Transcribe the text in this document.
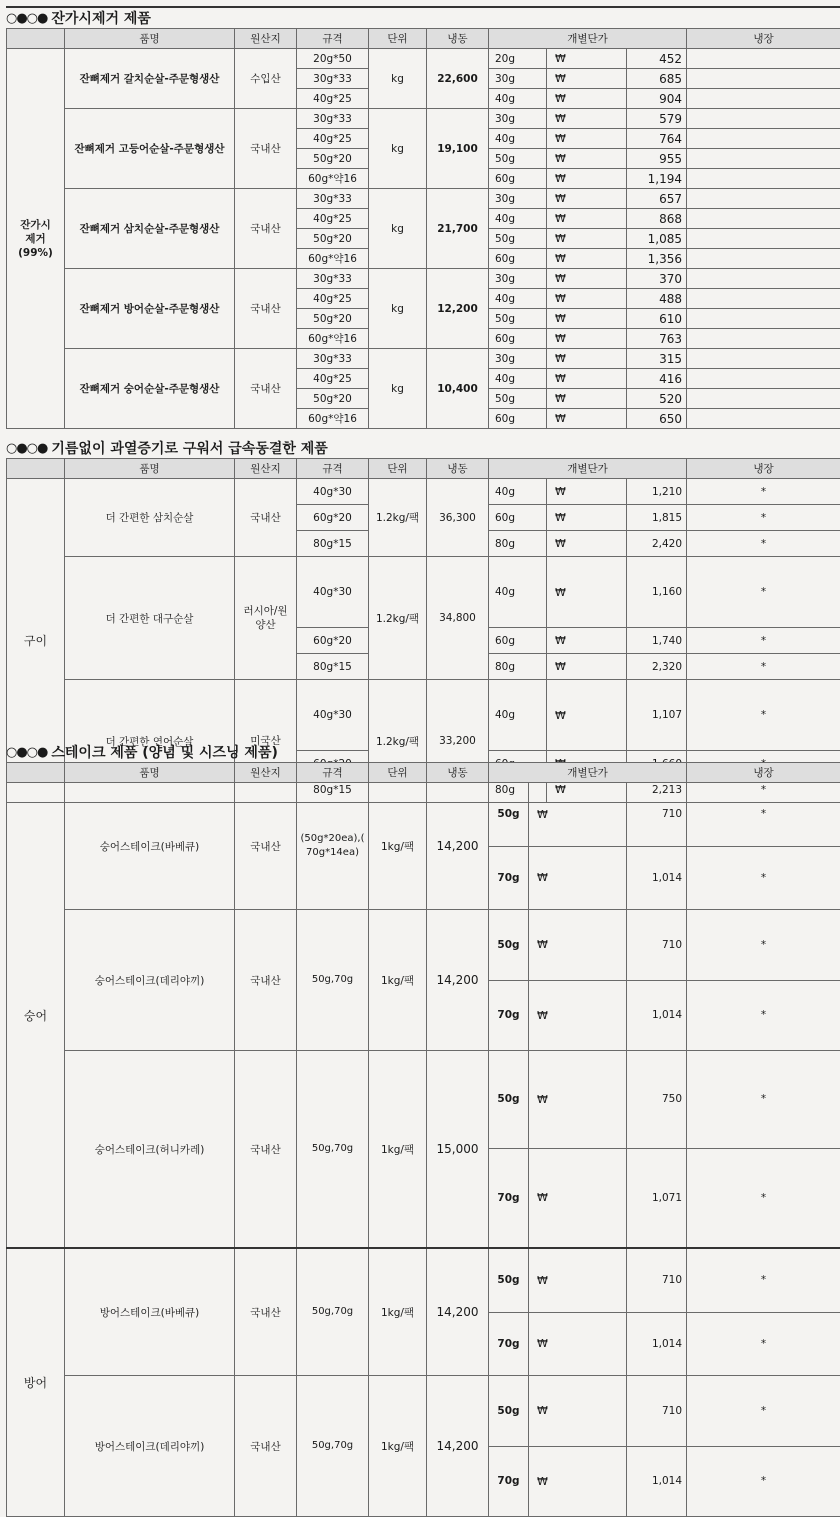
○●○● 잔가시제거 제품
	품명	원산지	규격	단위	냉동	개별단가			냉장	
잔가시
제거
(99%)	잔뼈제거 갈치순살-주문형생산	수입산	20g*50	kg	22,600	20g	₩	452		
			30g*33			30g	₩	685		
			40g*25			40g	₩	904		
	잔뼈제거 고등어순살-주문형생산	국내산	30g*33	kg	19,100	30g	₩	579		
			40g*25			40g	₩	764		
			50g*20			50g	₩	955		
			60g*약16			60g	₩	1,194		
	잔뼈제거 삼치순살-주문형생산	국내산	30g*33	kg	21,700	30g	₩	657		
			40g*25			40g	₩	868		
			50g*20			50g	₩	1,085		
			60g*약16			60g	₩	1,356		
	잔뼈제거 방어순살-주문형생산	국내산	30g*33	kg	12,200	30g	₩	370		
			40g*25			40g	₩	488		
			50g*20			50g	₩	610		
			60g*약16			60g	₩	763		
	잔뼈제거 숭어순살-주문형생산	국내산	30g*33	kg	10,400	30g	₩	315		
			40g*25			40g	₩	416		
			50g*20			50g	₩	520		
			60g*약16			60g	₩	650		
○●○● 기름없이 과열증기로 구워서 급속동결한 제품
	품명	원산지	규격	단위	냉동	개별단가			냉장	
구이	더 간편한 삼치순살	국내산	40g*30	1.2kg/팩	36,300	40g	₩	1,210	*	
			60g*20			60g	₩	1,815	*	
			80g*15			80g	₩	2,420	*	
	더 간편한 대구순살	러시아/원
양산	40g*30	1.2kg/팩	34,800	40g	₩	1,160	*	
			60g*20			60g	₩	1,740	*	
			80g*15			80g	₩	2,320	*	
	더 간편한 연어순살	미국산	40g*30	1.2kg/팩	33,200	40g	₩	1,107	*	

			80g*15			80g	₩	2,213	*	
○●○● 스테이크 제품 (양념 및 시즈닝 제품)
	품명	원산지	규격	단위	냉동	개별단가			냉장	
숭어	숭어스테이크(바베큐)	국내산	(50g*20ea),(
70g*14ea)	1kg/팩	14,200	50g	₩	710	*	
						70g	₩	1,014	*	
	숭어스테이크(데리야끼)	국내산	50g,70g	1kg/팩	14,200	50g	₩	710	*	
						70g	₩	1,014	*	
	숭어스테이크(허니카레)	국내산	50g,70g	1kg/팩	15,000	50g	₩	750	*	
						70g	₩	1,071	*	
방어	방어스테이크(바베큐)	국내산	50g,70g	1kg/팩	14,200	50g	₩	710	*	
						70g	₩	1,014	*	
	방어스테이크(데리야끼)	국내산	50g,70g	1kg/팩	14,200	50g	₩	710	*	
						70g	₩	1,014	*	
